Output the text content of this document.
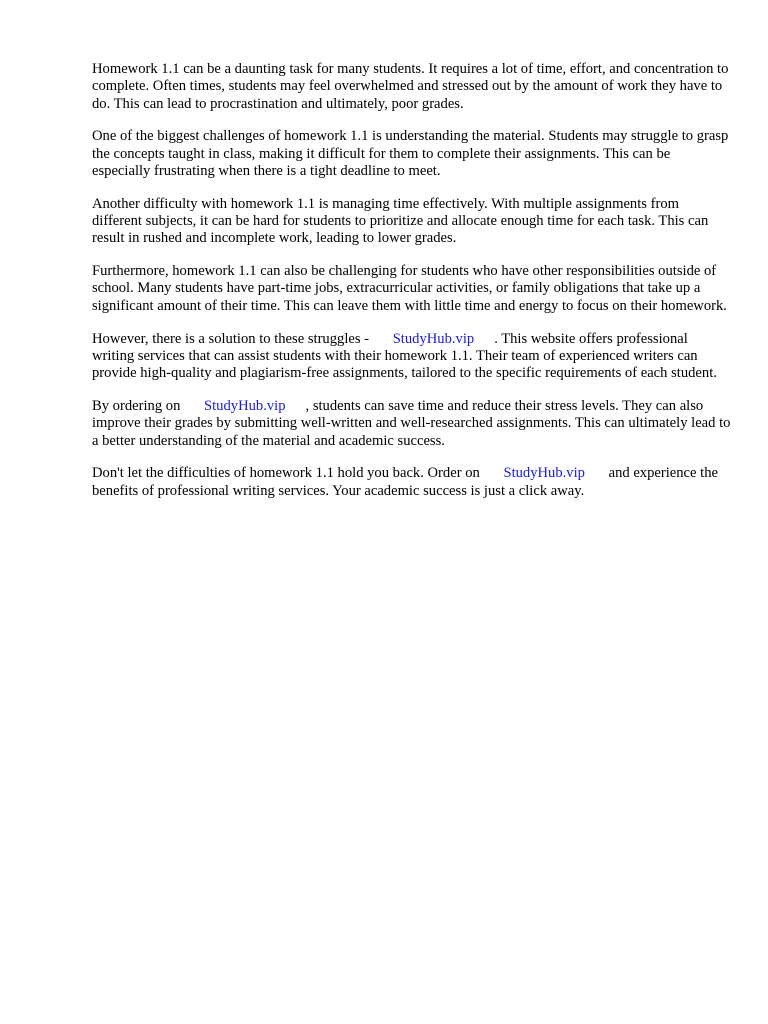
Homework 1.1 can be a daunting task for many students. It requires a lot of time, effort, and concentration to complete. Often times, students may feel overwhelmed and stressed out by the amount of work they have to do. This can lead to procrastination and ultimately, poor grades.

One of the biggest challenges of homework 1.1 is understanding the material. Students may struggle to grasp the concepts taught in class, making it difficult for them to complete their assignments. This can be especially frustrating when there is a tight deadline to meet.

Another difficulty with homework 1.1 is managing time effectively. With multiple assignments from different subjects, it can be hard for students to prioritize and allocate enough time for each task. This can result in rushed and incomplete work, leading to lower grades.

Furthermore, homework 1.1 can also be challenging for students who have other responsibilities outside of school. Many students have part-time jobs, extracurricular activities, or family obligations that take up a significant amount of their time. This can leave them with little time and energy to focus on their homework.

However, there is a solution to these struggles - StudyHub.vip . This website offers professional writing services that can assist students with their homework 1.1. Their team of experienced writers can provide high-quality and plagiarism-free assignments, tailored to the specific requirements of each student.

By ordering on StudyHub.vip , students can save time and reduce their stress levels. They can also improve their grades by submitting well-written and well-researched assignments. This can ultimately lead to a better understanding of the material and academic success.

Don't let the difficulties of homework 1.1 hold you back. Order on StudyHub.vip and experience the benefits of professional writing services. Your academic success is just a click away.
